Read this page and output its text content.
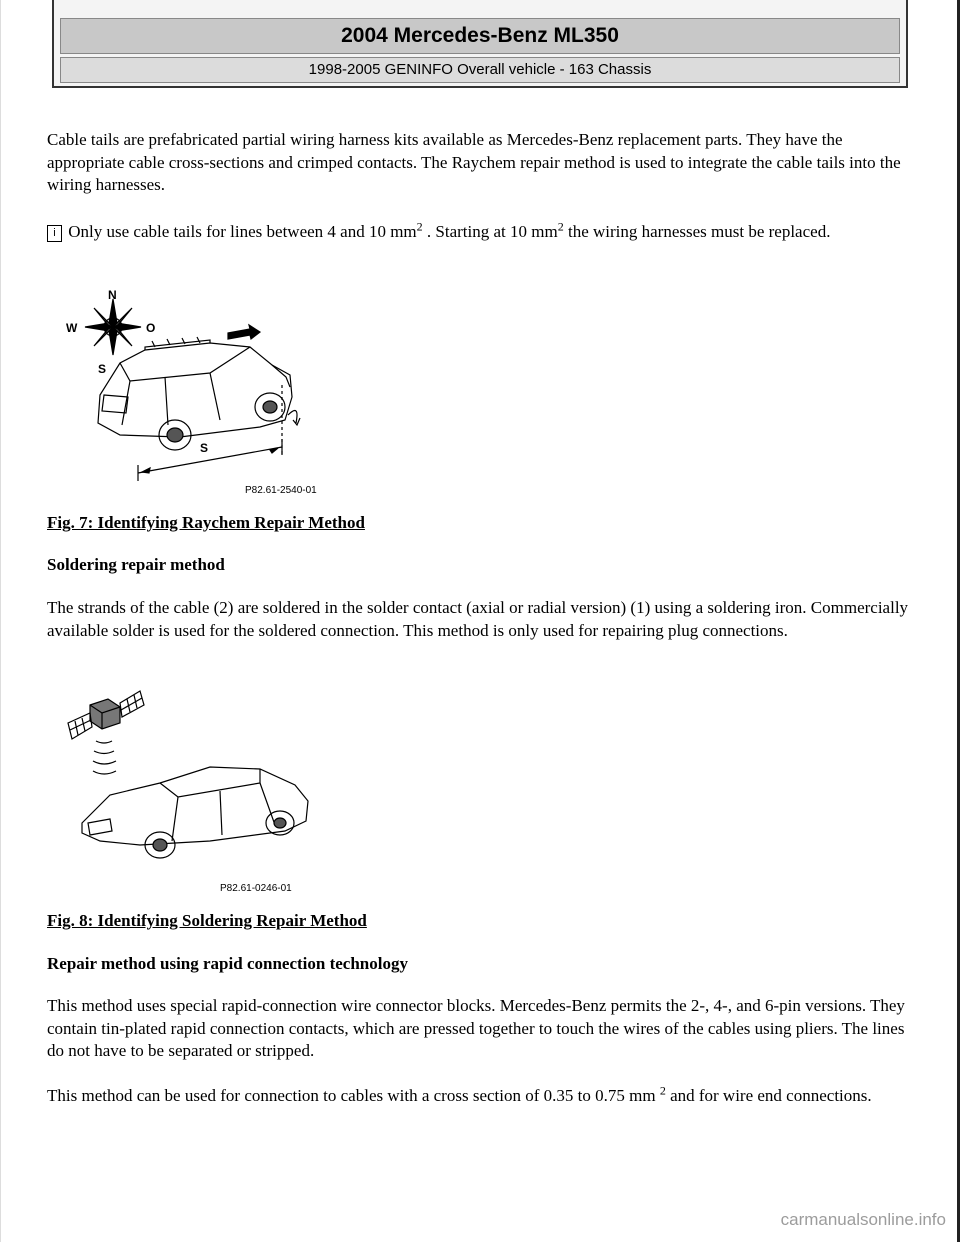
2004 Mercedes-Benz ML350
1998-2005 GENINFO Overall vehicle - 163 Chassis

Cable tails are prefabricated partial wiring harness kits available as Mercedes-Benz replacement parts. They have the appropriate cable cross-sections and crimped contacts. The Raychem repair method is used to integrate the cable tails into the wiring harnesses.

i Only use cable tails for lines between 4 and 10 $mm^2$ . Starting at 10 $mm^2$ the wiring harnesses must be replaced.
N
W	O
S
S
P82.61-2540-01
Fig. 7: Identifying Raychem Repair Method
Soldering repair method
The strands of the cable (2) are soldered in the solder contact (axial or radial version) (1) using a soldering iron. Commercially available solder is used for the soldered connection. This method is only used for repairing plug connections.
P82.61-0246-01
Fig. 8: Identifying Soldering Repair Method
Repair method using rapid connection technology
This method uses special rapid-connection wire connector blocks. Mercedes-Benz permits the 2-, 4-, and 6-pin versions. They contain tin-plated rapid connection contacts, which are pressed together to touch the wires of the cables using pliers. The lines do not have to be separated or stripped.
This method can be used for connection to cables with a cross section of 0.35 to 0.75 mm $^2$ and for wire end connections.
carmanualsonline.info
